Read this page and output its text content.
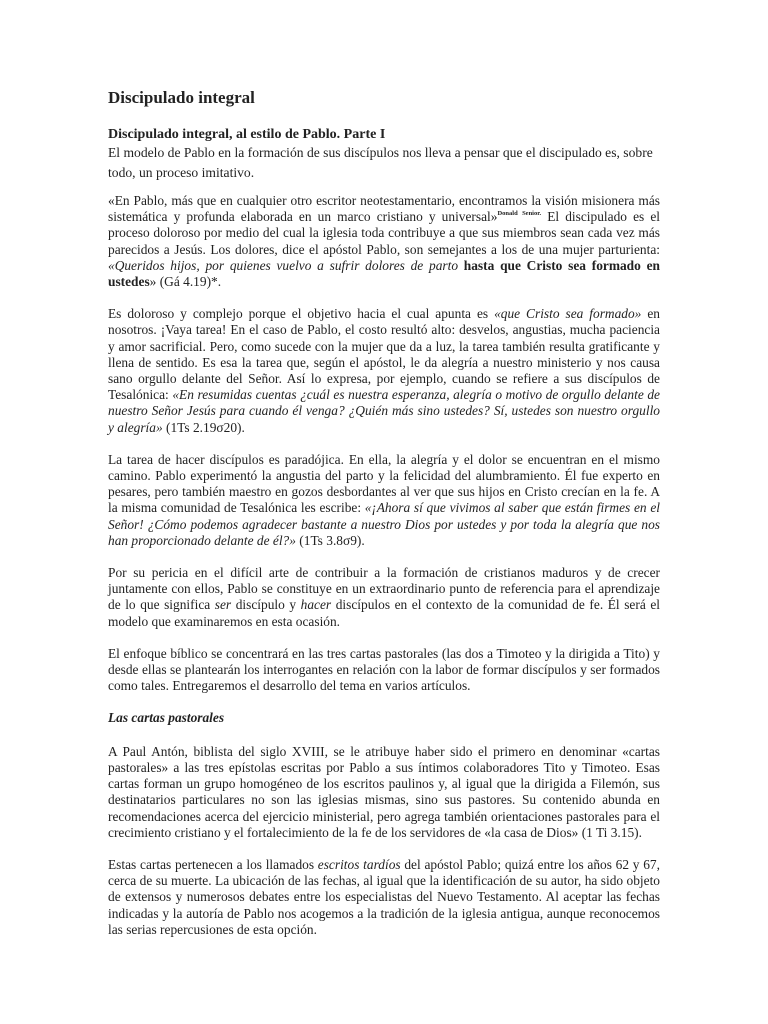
Discipulado integral
Discipulado integral, al estilo de Pablo. Parte I
El modelo de Pablo en la formación de sus discípulos nos lleva a pensar que el discipulado es, sobre todo, un proceso imitativo.

«En Pablo, más que en cualquier otro escritor neotestamentario, encontramos la visión misionera más sistemática y profunda elaborada en un marco cristiano y universal»$^{Donald Senior.}$ El discipulado es el proceso doloroso por medio del cual la iglesia toda contribuye a que sus miembros sean cada vez más parecidos a Jesús. Los dolores, dice el apóstol Pablo, son semejantes a los de una mujer parturienta: «Queridos hijos, por quienes vuelvo a sufrir dolores de parto hasta que Cristo sea formado en ustedes» (Gá 4.19)*.

Es doloroso y complejo porque el objetivo hacia el cual apunta es «que Cristo sea formado» en nosotros. ¡Vaya tarea! En el caso de Pablo, el costo resultó alto: desvelos, angustias, mucha paciencia y amor sacrificial. Pero, como sucede con la mujer que da a luz, la tarea también resulta gratificante y llena de sentido. Es esa la tarea que, según el apóstol, le da alegría a nuestro ministerio y nos causa sano orgullo delante del Señor. Así lo expresa, por ejemplo, cuando se refiere a sus discípulos de Tesalónica: «En resumidas cuentas ¿cuál es nuestra esperanza, alegría o motivo de orgullo delante de nuestro Señor Jesús para cuando él venga? ¿Quién más sino ustedes? Sí, ustedes son nuestro orgullo y alegría» (1Ts 2.19σ20).

La tarea de hacer discípulos es paradójica. En ella, la alegría y el dolor se encuentran en el mismo camino. Pablo experimentó la angustia del parto y la felicidad del alumbramiento. Él fue experto en pesares, pero también maestro en gozos desbordantes al ver que sus hijos en Cristo crecían en la fe. A la misma comunidad de Tesalónica les escribe: «¡Ahora sí que vivimos al saber que están firmes en el Señor! ¿Cómo podemos agradecer bastante a nuestro Dios por ustedes y por toda la alegría que nos han proporcionado delante de él?» (1Ts 3.8σ9).

Por su pericia en el difícil arte de contribuir a la formación de cristianos maduros y de crecer juntamente con ellos, Pablo se constituye en un extraordinario punto de referencia para el aprendizaje de lo que significa ser discípulo y hacer discípulos en el contexto de la comunidad de fe. Él será el modelo que examinaremos en esta ocasión.

El enfoque bíblico se concentrará en las tres cartas pastorales (las dos a Timoteo y la dirigida a Tito) y desde ellas se plantearán los interrogantes en relación con la labor de formar discípulos y ser formados como tales. Entregaremos el desarrollo del tema en varios artículos.

Las cartas pastorales

A Paul Antón, biblista del siglo XVIII, se le atribuye haber sido el primero en denominar «cartas pastorales» a las tres epístolas escritas por Pablo a sus íntimos colaboradores Tito y Timoteo. Esas cartas forman un grupo homogéneo de los escritos paulinos y, al igual que la dirigida a Filemón, sus destinatarios particulares no son las iglesias mismas, sino sus pastores. Su contenido abunda en recomendaciones acerca del ejercicio ministerial, pero agrega también orientaciones pastorales para el crecimiento cristiano y el fortalecimiento de la fe de los servidores de «la casa de Dios» (1 Ti 3.15).

Estas cartas pertenecen a los llamados escritos tardíos del apóstol Pablo; quizá entre los años 62 y 67, cerca de su muerte. La ubicación de las fechas, al igual que la identificación de su autor, ha sido objeto de extensos y numerosos debates entre los especialistas del Nuevo Testamento. Al aceptar las fechas indicadas y la autoría de Pablo nos acogemos a la tradición de la iglesia antigua, aunque reconocemos las serias repercusiones de esta opción.
